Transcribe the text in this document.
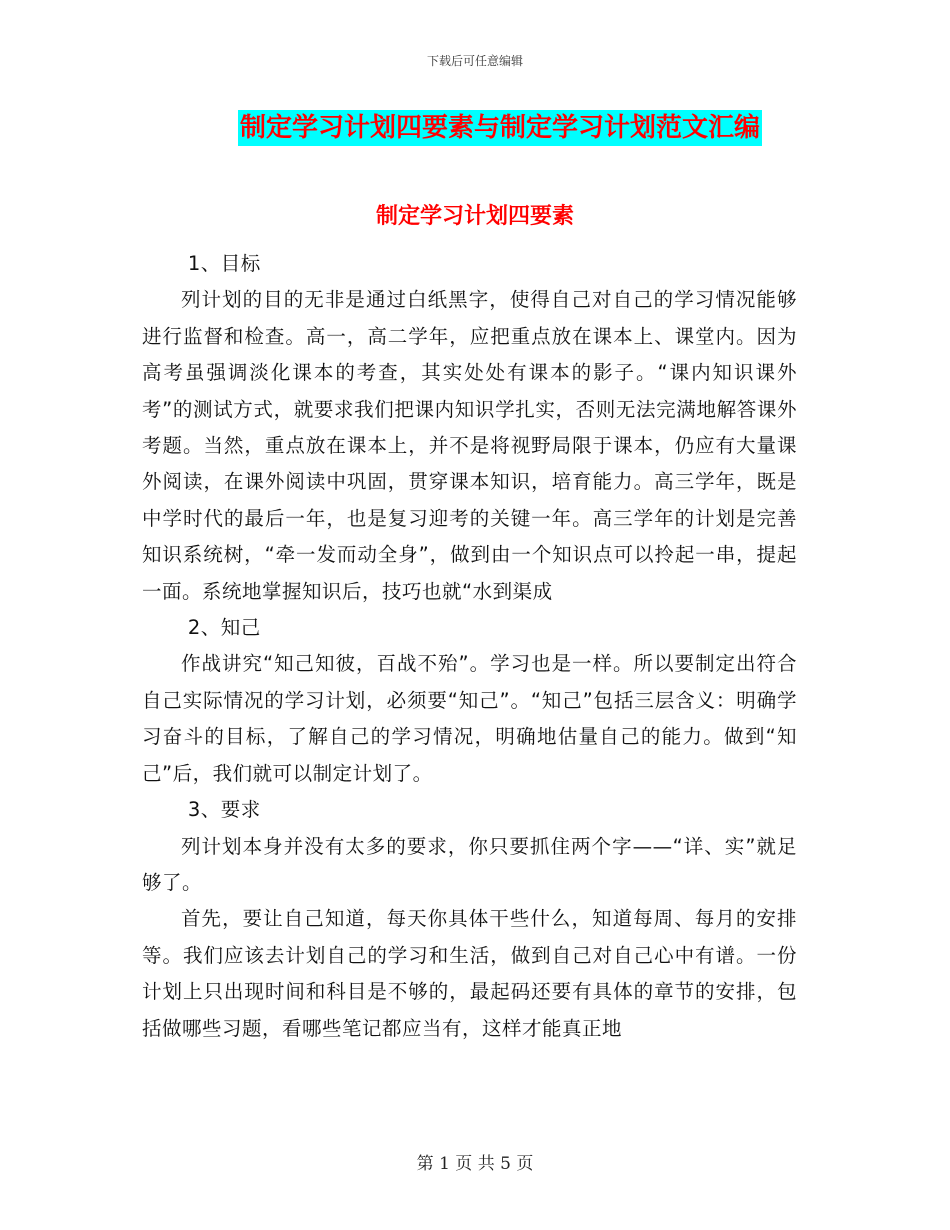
下载后可任意编辑
制定学习计划四要素与制定学习计划范文汇编
制定学习计划四要素

1、目标

列计划的目的无非是通过白纸黑字，使得自己对自己的学习情况能够进行监督和检查。高一，高二学年，应把重点放在课本上、课堂内。因为高考虽强调淡化课本的考查，其实处处有课本的影子。“课内知识课外考”的测试方式，就要求我们把课内知识学扎实，否则无法完满地解答课外考题。当然，重点放在课本上，并不是将视野局限于课本，仍应有大量课外阅读，在课外阅读中巩固，贯穿课本知识，培育能力。高三学年，既是中学时代的最后一年，也是复习迎考的关键一年。高三学年的计划是完善知识系统树，“牵一发而动全身”，做到由一个知识点可以拎起一串，提起一面。系统地掌握知识后，技巧也就“水到渠成

2、知己

作战讲究“知己知彼，百战不殆”。学习也是一样。所以要制定出符合自己实际情况的学习计划，必须要“知己”。“知己”包括三层含义：明确学习奋斗的目标，了解自己的学习情况，明确地估量自己的能力。做到“知己”后，我们就可以制定计划了。

3、要求

列计划本身并没有太多的要求，你只要抓住两个字——“详、实”就足够了。

首先，要让自己知道，每天你具体干些什么，知道每周、每月的安排等。我们应该去计划自己的学习和生活，做到自己对自己心中有谱。一份计划上只出现时间和科目是不够的，最起码还要有具体的章节的安排，包括做哪些习题，看哪些笔记都应当有，这样才能真正地

第 1 页 共 5 页
